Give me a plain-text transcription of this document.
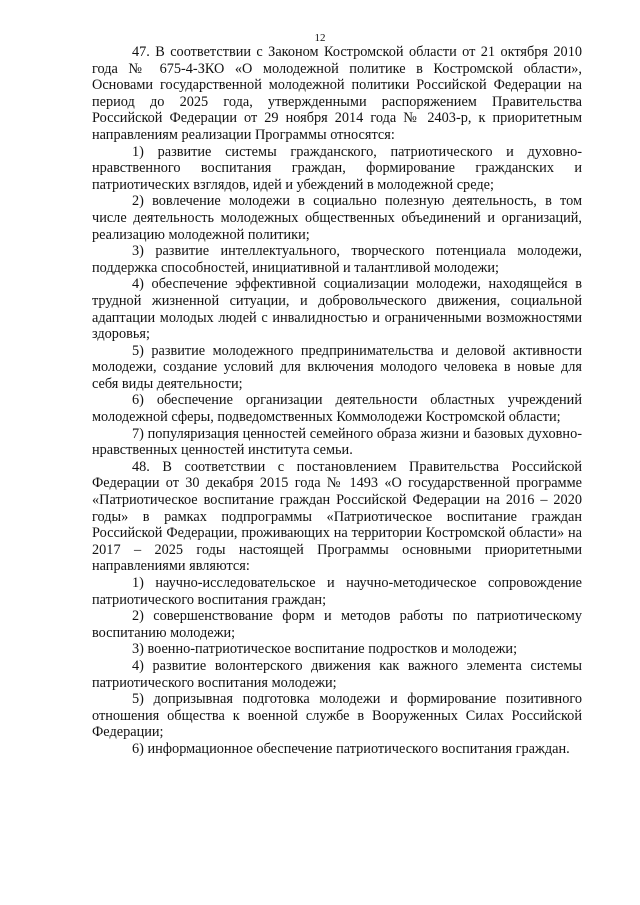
12

47. В соответствии с Законом Костромской области от 21 октября 2010 года № 675-4-ЗКО «О молодежной политике в Костромской области», Основами государственной молодежной политики Российской Федерации на период до 2025 года, утвержденными распоряжением Правительства Российской Федерации от 29 ноября 2014 года № 2403-р, к приоритетным направлениям реализации Программы относятся:

1) развитие системы гражданского, патриотического и духовно-нравственного воспитания граждан, формирование гражданских и патриотических взглядов, идей и убеждений в молодежной среде;

2) вовлечение молодежи в социально полезную деятельность, в том числе деятельность молодежных общественных объединений и организаций, реализацию молодежной политики;

3) развитие интеллектуального, творческого потенциала молодежи, поддержка способностей, инициативной и талантливой молодежи;

4) обеспечение эффективной социализации молодежи, находящейся в трудной жизненной ситуации, и добровольческого движения, социальной адаптации молодых людей с инвалидностью и ограниченными возможностями здоровья;

5) развитие молодежного предпринимательства и деловой активности молодежи, создание условий для включения молодого человека в новые для себя виды деятельности;

6) обеспечение организации деятельности областных учреждений молодежной сферы, подведомственных Коммолодежи Костромской области;

7) популяризация ценностей семейного образа жизни и базовых духовно-нравственных ценностей института семьи.

48. В соответствии с постановлением Правительства Российской Федерации от 30 декабря 2015 года № 1493 «О государственной программе «Патриотическое воспитание граждан Российской Федерации на 2016 – 2020 годы» в рамках подпрограммы «Патриотическое воспитание граждан Российской Федерации, проживающих на территории Костромской области» на 2017 – 2025 годы настоящей Программы основными приоритетными направлениями являются:

1) научно-исследовательское и научно-методическое сопровождение патриотического воспитания граждан;

2) совершенствование форм и методов работы по патриотическому воспитанию молодежи;

3) военно-патриотическое воспитание подростков и молодежи;

4) развитие волонтерского движения как важного элемента системы патриотического воспитания молодежи;

5) допризывная подготовка молодежи и формирование позитивного отношения общества к военной службе в Вооруженных Силах Российской Федерации;

6) информационное обеспечение патриотического воспитания граждан.
